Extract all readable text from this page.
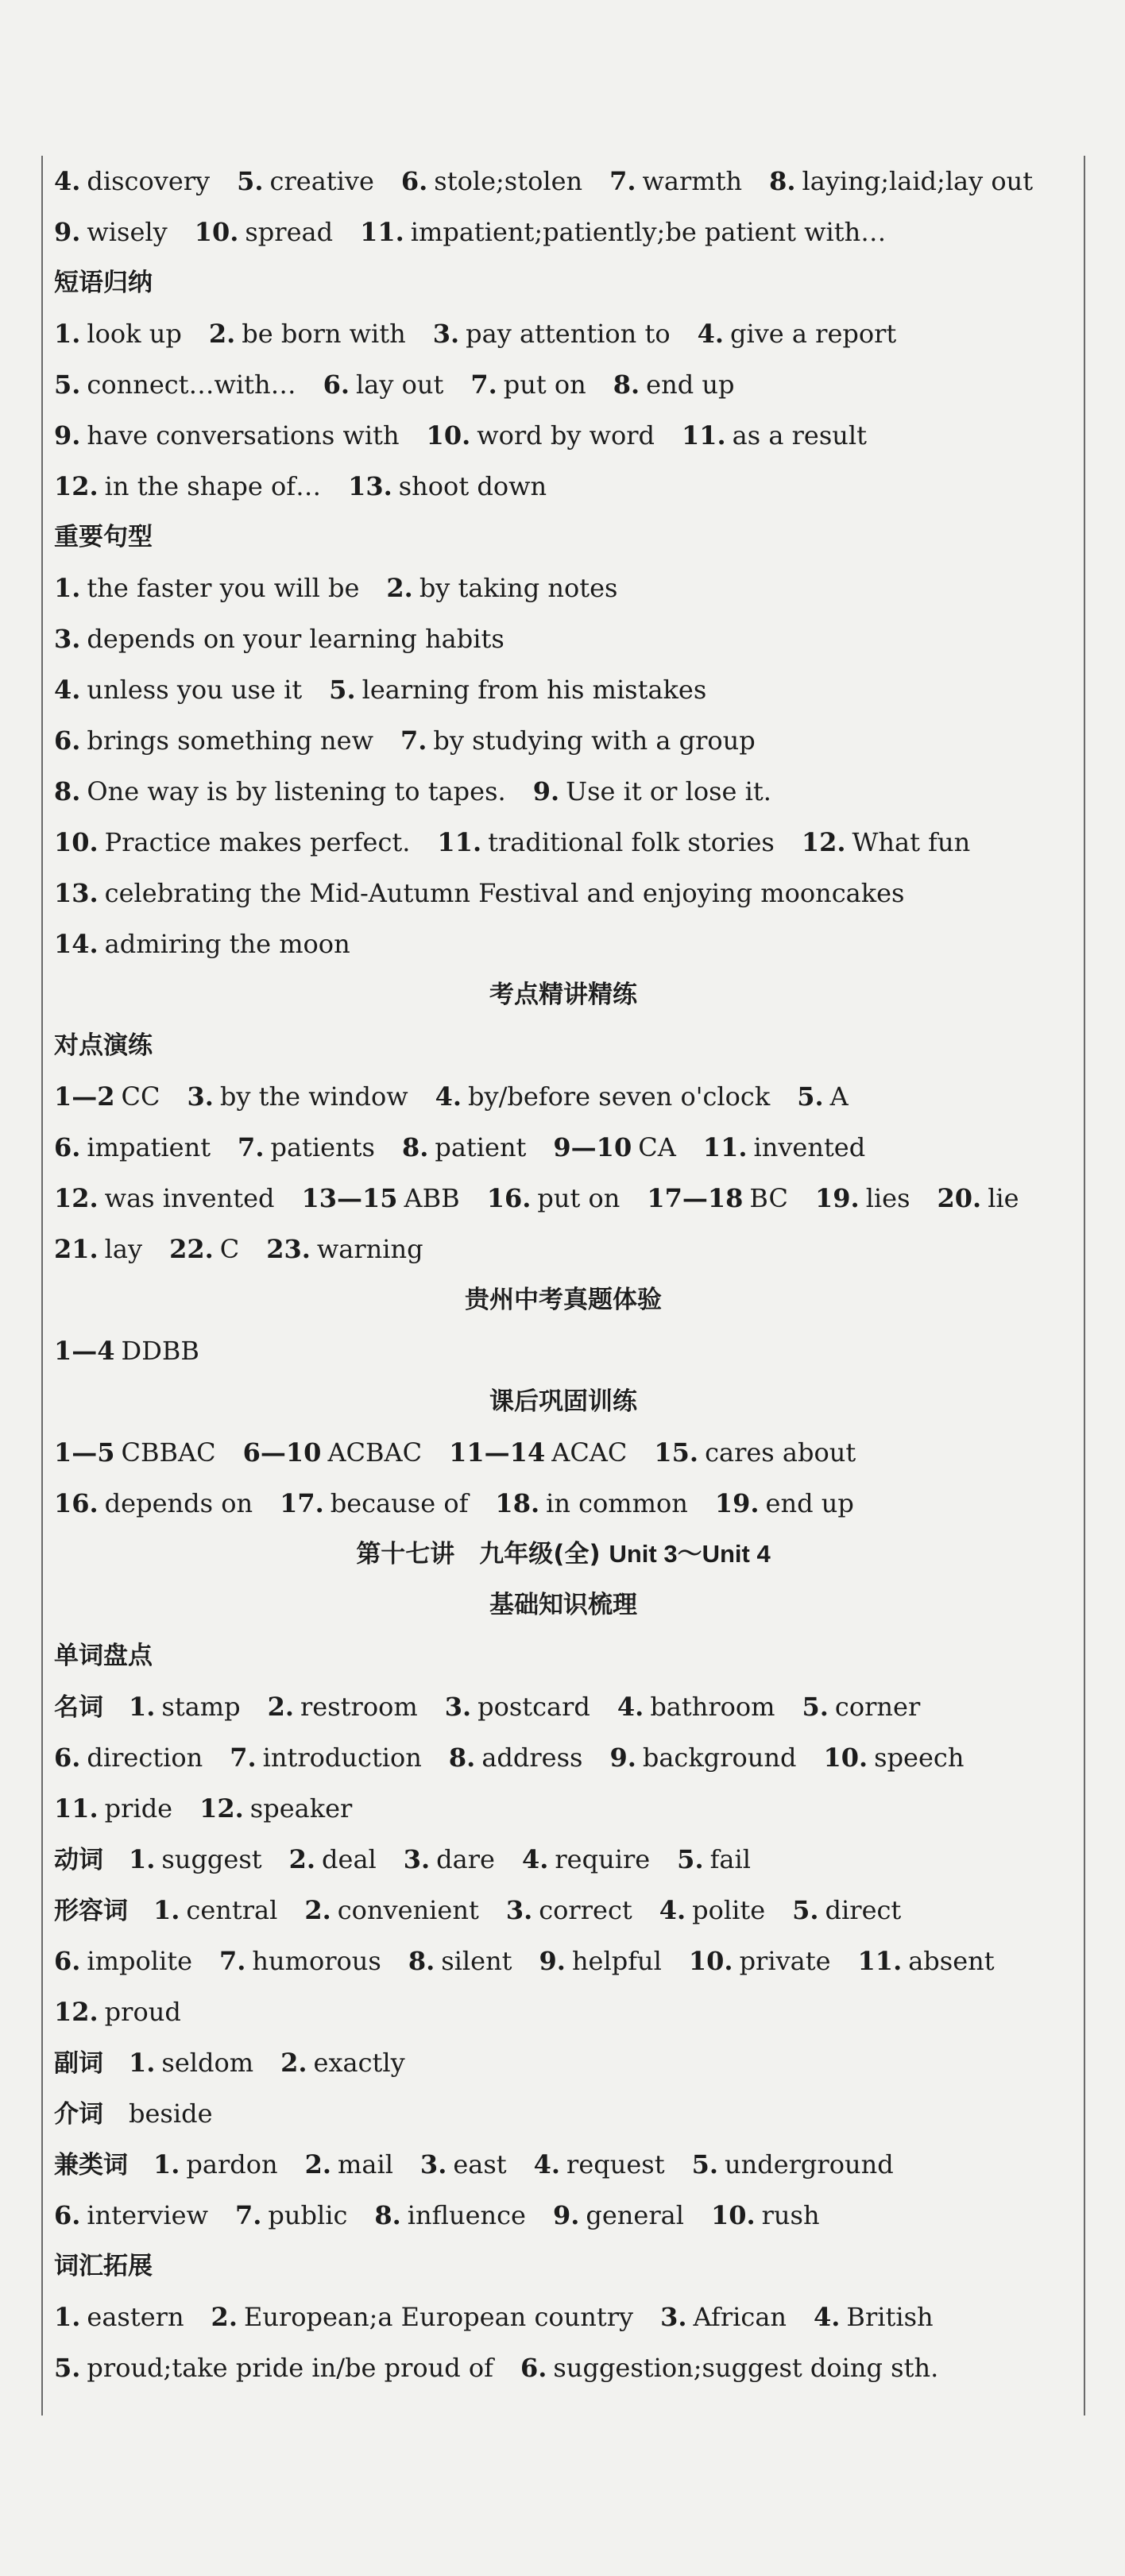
4. discovery 5. creative 6. stole;stolen 7. warmth 8. laying;laid;lay out
9. wisely 10. spread 11. impatient;patiently;be patient with…
短语归纳
1. look up 2. be born with 3. pay attention to 4. give a report
5. connect…with… 6. lay out 7. put on 8. end up
9. have conversations with 10. word by word 11. as a result
12. in the shape of… 13. shoot down
重要句型
1. the faster you will be 2. by taking notes
3. depends on your learning habits
4. unless you use it 5. learning from his mistakes
6. brings something new 7. by studying with a group
8. One way is by listening to tapes. 9. Use it or lose it.
10. Practice makes perfect. 11. traditional folk stories 12. What fun
13. celebrating the Mid-Autumn Festival and enjoying mooncakes
14. admiring the moon
考点精讲精练
对点演练
1—2 CC 3. by the window 4. by/before seven o'clock 5. A
6. impatient 7. patients 8. patient 9—10 CA 11. invented
12. was invented 13—15 ABB 16. put on 17—18 BC 19. lies 20. lie
21. lay 22. C 23. warning
贵州中考真题体验
1—4 DDBB
课后巩固训练
1—5 CBBAC 6—10 ACBAC 11—14 ACAC 15. cares about
16. depends on 17. because of 18. in common 19. end up
第十七讲　九年级(全) Unit 3～Unit 4
基础知识梳理
单词盘点
名词 1. stamp 2. restroom 3. postcard 4. bathroom 5. corner
6. direction 7. introduction 8. address 9. background 10. speech
11. pride 12. speaker
动词 1. suggest 2. deal 3. dare 4. require 5. fail
形容词 1. central 2. convenient 3. correct 4. polite 5. direct
6. impolite 7. humorous 8. silent 9. helpful 10. private 11. absent
12. proud
副词 1. seldom 2. exactly
介词 beside
兼类词 1. pardon 2. mail 3. east 4. request 5. underground
6. interview 7. public 8. influence 9. general 10. rush
词汇拓展
1. eastern 2. European;a European country 3. African 4. British
5. proud;take pride in/be proud of 6. suggestion;suggest doing sth.
